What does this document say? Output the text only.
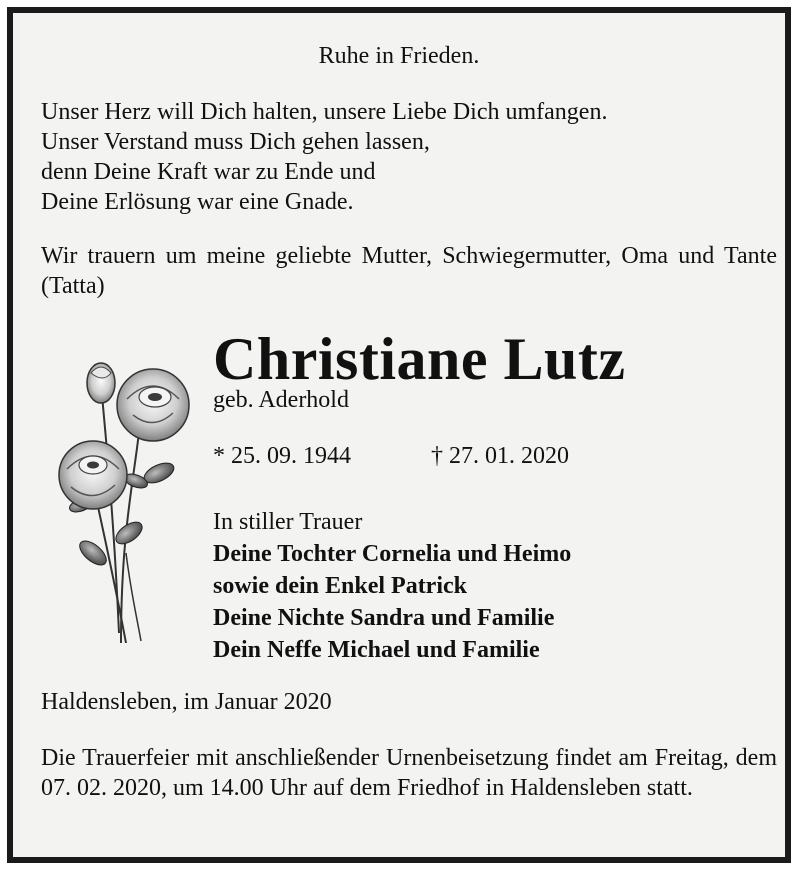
Ruhe in Frieden.
Unser Herz will Dich halten, unsere Liebe Dich umfangen.
Unser Verstand muss Dich gehen lassen,
denn Deine Kraft war zu Ende und
Deine Erlösung war eine Gnade.
Wir trauern um meine geliebte Mutter, Schwiegermutter, Oma und Tante (Tatta)
Christiane Lutz
geb. Aderhold
* 25. 09. 1944	† 27. 01. 2020
In stiller Trauer
Deine Tochter Cornelia und Heimo
sowie dein Enkel Patrick
Deine Nichte Sandra und Familie
Dein Neffe Michael und Familie
Haldensleben, im Januar 2020
Die Trauerfeier mit anschließender Urnenbeisetzung findet am Freitag, dem 07. 02. 2020, um 14.00 Uhr auf dem Friedhof in Haldensleben statt.
